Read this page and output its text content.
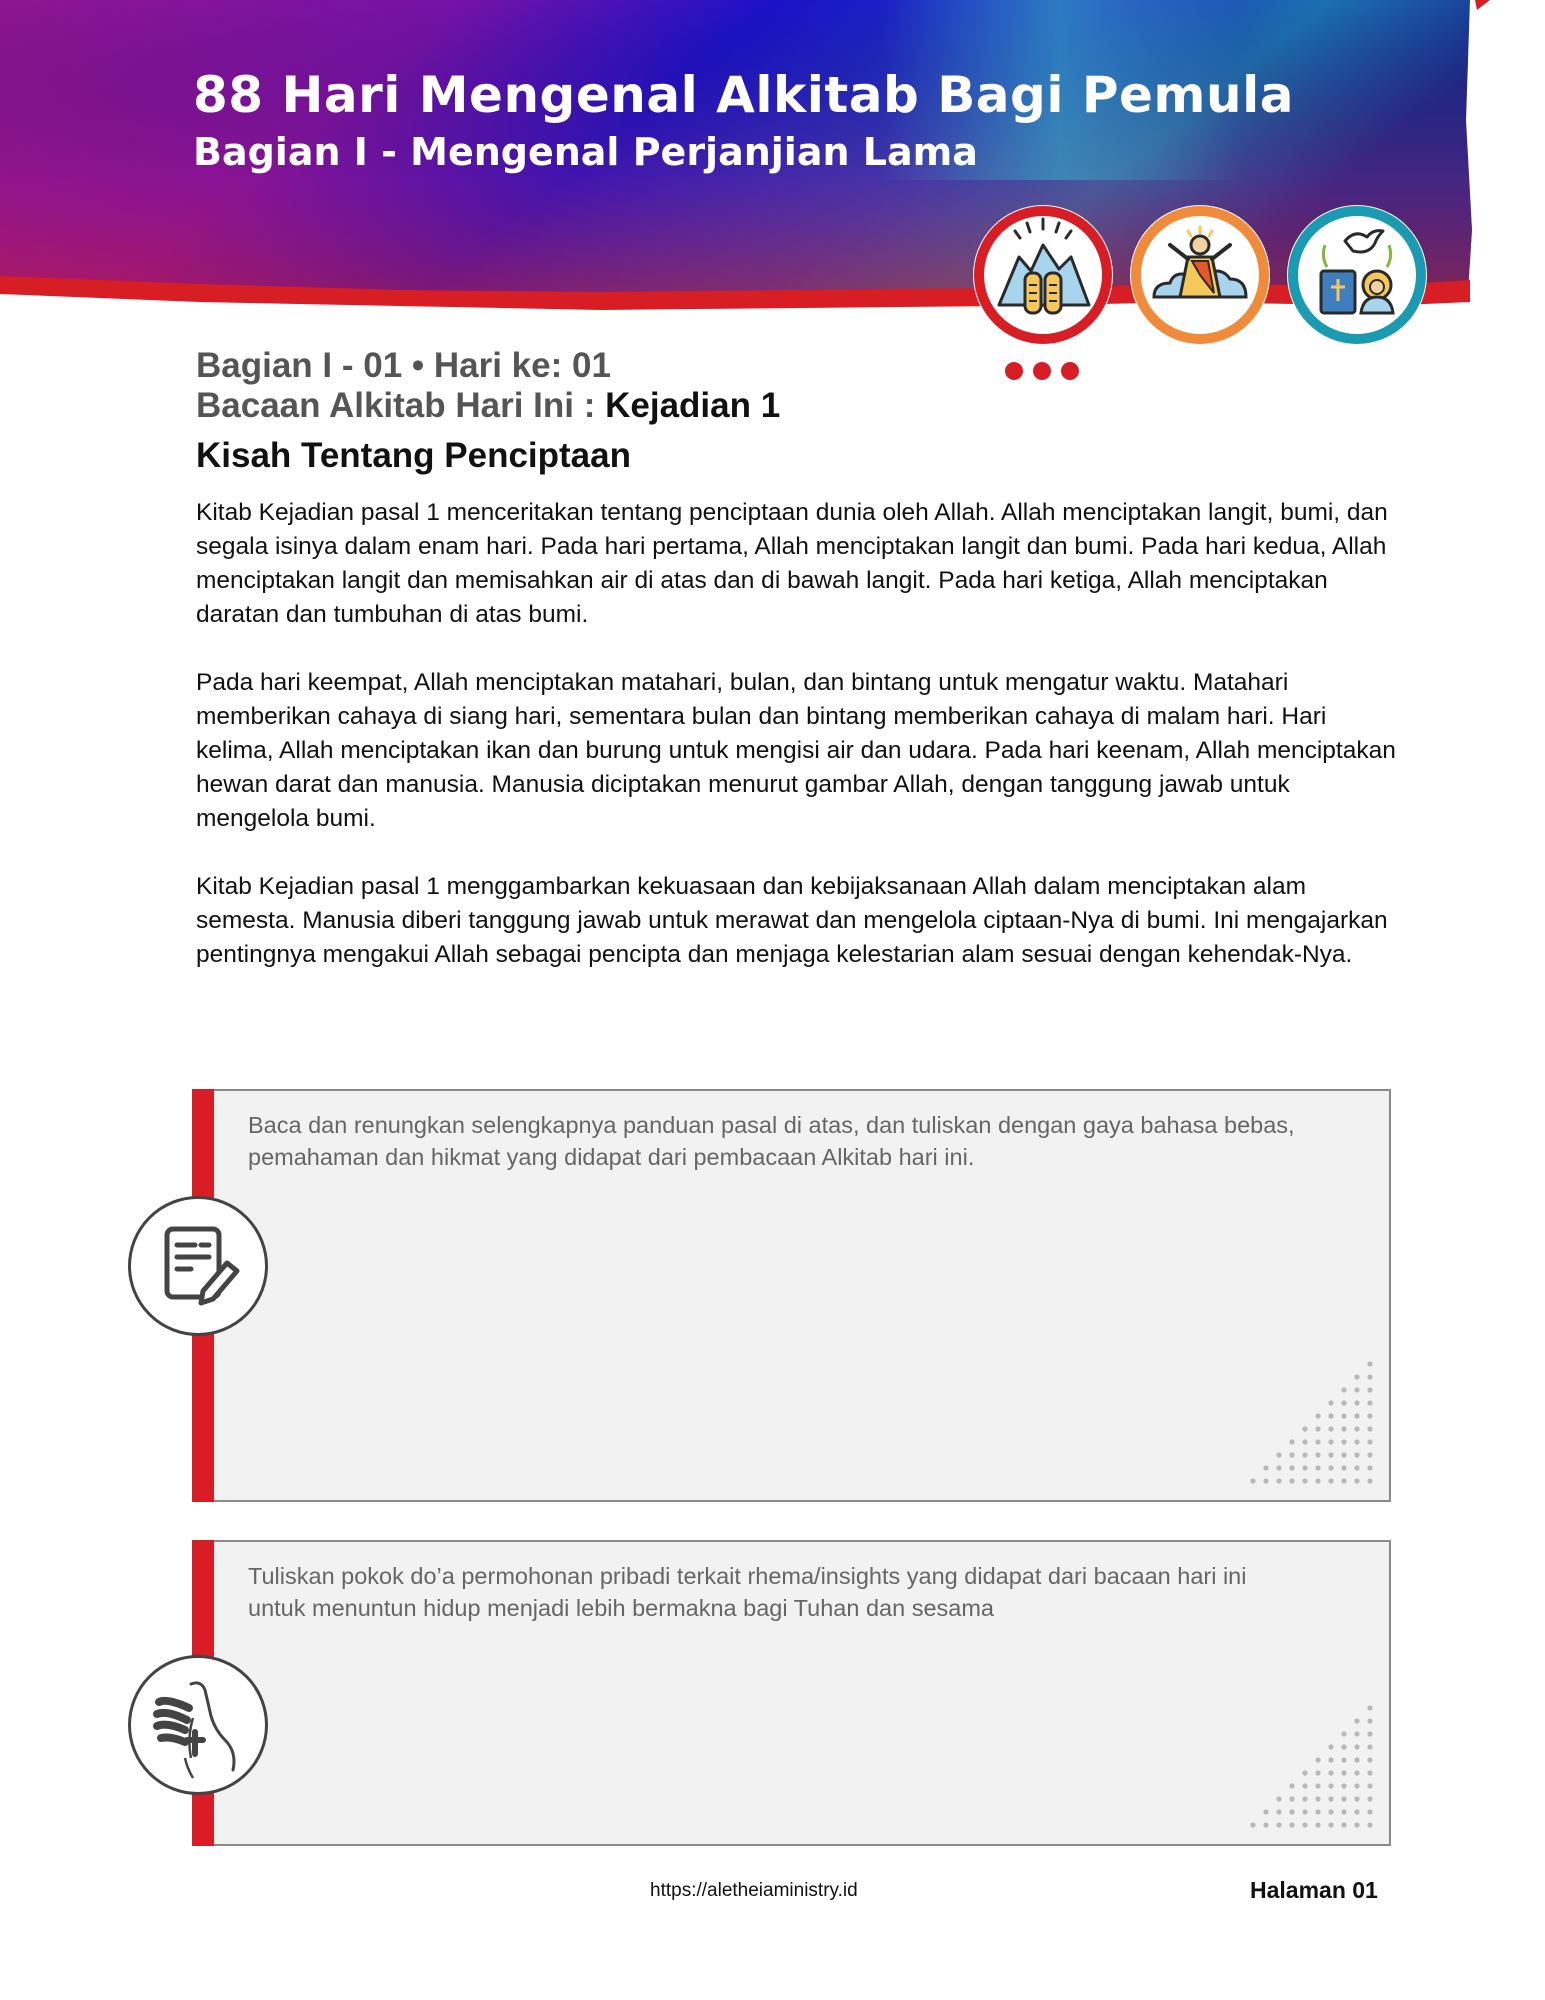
88 Hari Mengenal Alkitab Bagi Pemula
Bagian I - Mengenal Perjanjian Lama
Bagian I - 01 • Hari ke: 01
Bacaan Alkitab Hari Ini : Kejadian 1
Kisah Tentang Penciptaan

Kitab Kejadian pasal 1 menceritakan tentang penciptaan dunia oleh Allah. Allah menciptakan langit, bumi, dan segala isinya dalam enam hari. Pada hari pertama, Allah menciptakan langit dan bumi. Pada hari kedua, Allah menciptakan langit dan memisahkan air di atas dan di bawah langit. Pada hari ketiga, Allah menciptakan daratan dan tumbuhan di atas bumi.

Pada hari keempat, Allah menciptakan matahari, bulan, dan bintang untuk mengatur waktu. Matahari memberikan cahaya di siang hari, sementara bulan dan bintang memberikan cahaya di malam hari. Hari kelima, Allah menciptakan ikan dan burung untuk mengisi air dan udara. Pada hari keenam, Allah menciptakan hewan darat dan manusia. Manusia diciptakan menurut gambar Allah, dengan tanggung jawab untuk mengelola bumi.

Kitab Kejadian pasal 1 menggambarkan kekuasaan dan kebijaksanaan Allah dalam menciptakan alam semesta. Manusia diberi tanggung jawab untuk merawat dan mengelola ciptaan-Nya di bumi. Ini mengajarkan pentingnya mengakui Allah sebagai pencipta dan menjaga kelestarian alam sesuai dengan kehendak-Nya.

Baca dan renungkan selengkapnya panduan pasal di atas, dan tuliskan dengan gaya bahasa bebas, pemahaman dan hikmat yang didapat dari pembacaan Alkitab hari ini.
Tuliskan pokok do’a permohonan pribadi terkait rhema/insights yang didapat dari bacaan hari ini untuk menuntun hidup menjadi lebih bermakna bagi Tuhan dan sesama
https://aletheiaministry.id	Halaman 01
